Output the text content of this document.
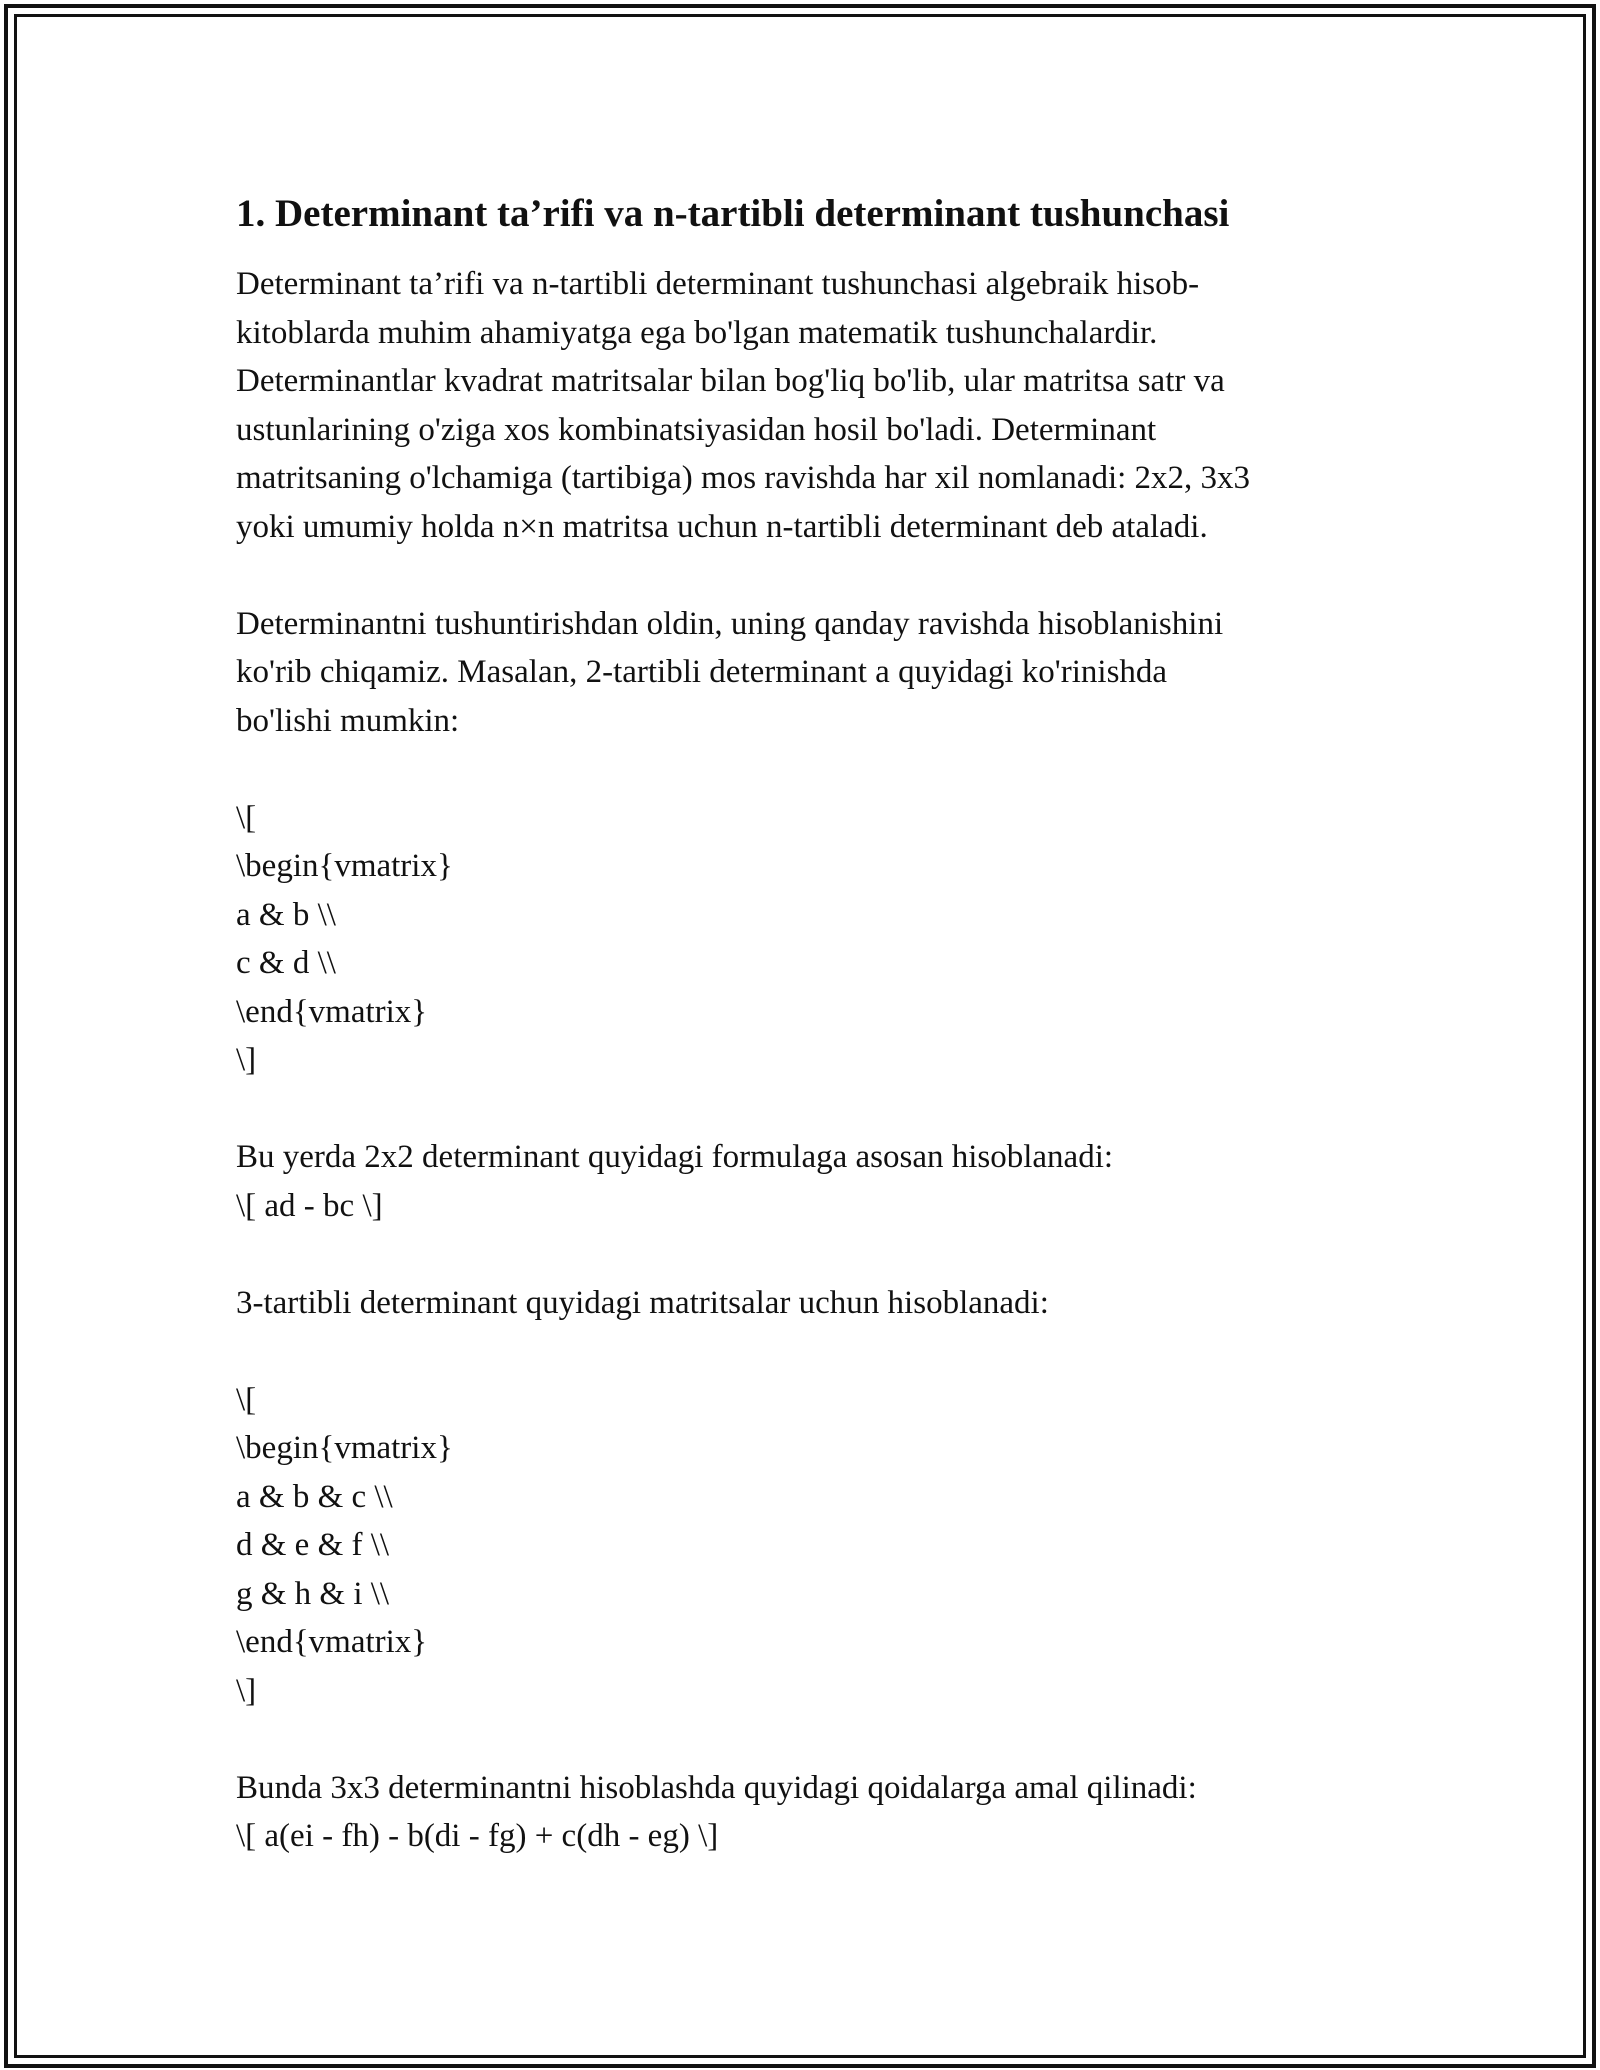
1. Determinant ta’rifi va n-tartibli determinant tushunchasi
Determinant ta’rifi va n-tartibli determinant tushunchasi algebraik hisob-
kitoblarda muhim ahamiyatga ega bo'lgan matematik tushunchalardir.
Determinantlar kvadrat matritsalar bilan bog'liq bo'lib, ular matritsa satr va
ustunlarining o'ziga xos kombinatsiyasidan hosil bo'ladi. Determinant
matritsaning o'lchamiga (tartibiga) mos ravishda har xil nomlanadi: 2x2, 3x3
yoki umumiy holda n×n matritsa uchun n-tartibli determinant deb ataladi.
Determinantni tushuntirishdan oldin, uning qanday ravishda hisoblanishini
ko'rib chiqamiz. Masalan, 2-tartibli determinant a quyidagi ko'rinishda
bo'lishi mumkin:
\[
\begin{vmatrix}
a & b \\
c & d \\
\end{vmatrix}
\]
Bu yerda 2x2 determinant quyidagi formulaga asosan hisoblanadi:
\[ ad - bc \]
3-tartibli determinant quyidagi matritsalar uchun hisoblanadi:
\[
\begin{vmatrix}
a & b & c \\
d & e & f \\
g & h & i \\
\end{vmatrix}
\]
Bunda 3x3 determinantni hisoblashda quyidagi qoidalarga amal qilinadi:
\[ a(ei - fh) - b(di - fg) + c(dh - eg) \]
